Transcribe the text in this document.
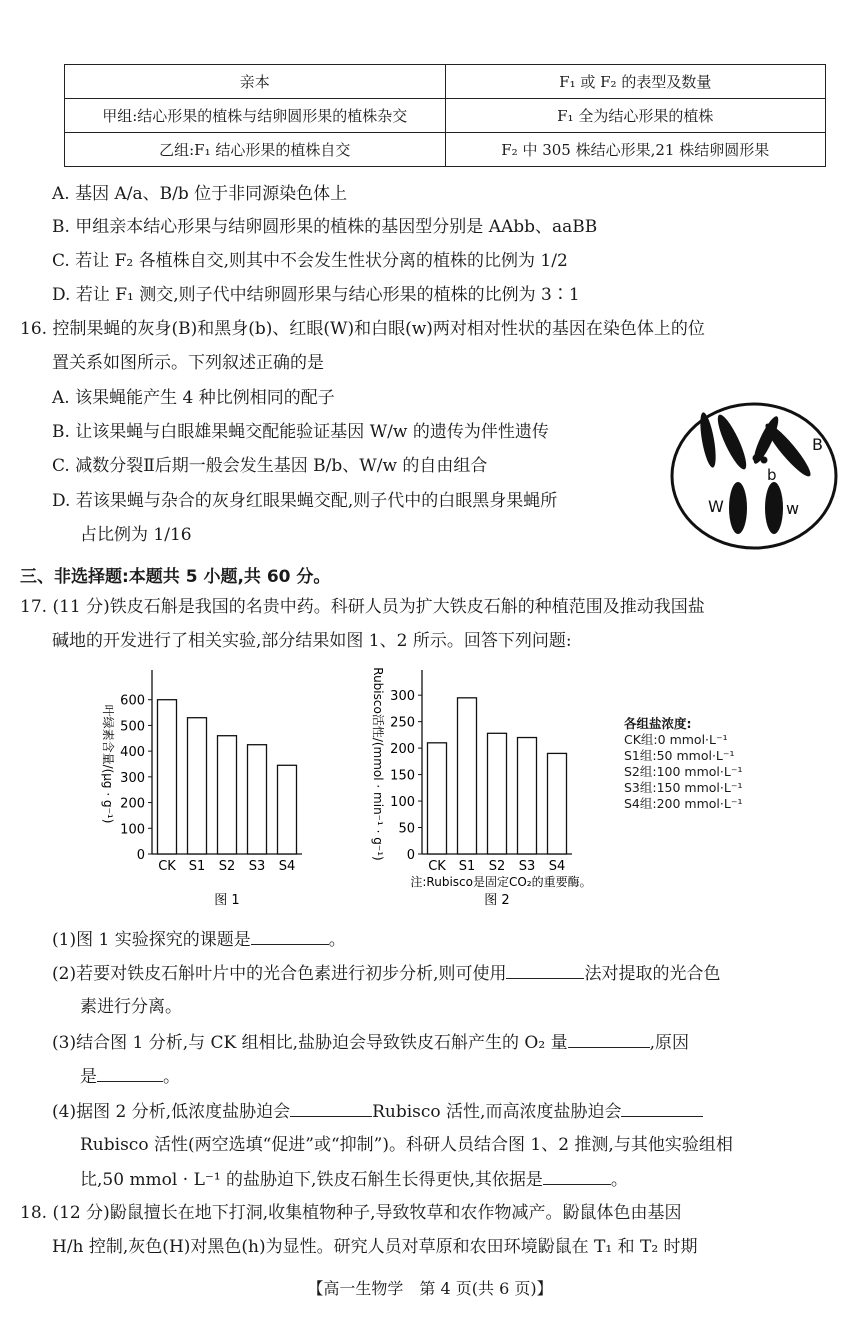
亲本	F₁ 或 F₂ 的表型及数量
甲组:结心形果的植株与结卵圆形果的植株杂交	F₁ 全为结心形果的植株
乙组:F₁ 结心形果的植株自交	F₂ 中 305 株结心形果,21 株结卵圆形果
A. 基因 A/a、B/b 位于非同源染色体上
B. 甲组亲本结心形果与结卵圆形果的植株的基因型分别是 AAbb、aaBB
C. 若让 F₂ 各植株自交,则其中不会发生性状分离的植株的比例为 1/2
D. 若让 F₁ 测交,则子代中结卵圆形果与结心形果的植株的比例为 3∶1
16. 控制果蝇的灰身(B)和黑身(b)、红眼(W)和白眼(w)两对相对性状的基因在染色体上的位
置关系如图所示。下列叙述正确的是
A. 该果蝇能产生 4 种比例相同的配子
B. 让该果蝇与白眼雄果蝇交配能验证基因 W/w 的遗传为伴性遗传
C. 减数分裂Ⅱ后期一般会发生基因 B/b、W/w 的自由组合
D. 若该果蝇与杂合的灰身红眼果蝇交配,则子代中的白眼黑身果蝇所
占比例为 1/16
B
b
W	w
三、非选择题:本题共 5 小题,共 60 分。
17. (11 分)铁皮石斛是我国的名贵中药。科研人员为扩大铁皮石斛的种植范围及推动我国盐
碱地的开发进行了相关实验,部分结果如图 1、2 所示。回答下列问题:
叶绿素含量/(μg · g⁻¹)
0
100
200
300
400
500
600
CK S1 S2 S3 S4
图 1
Rubisco活性/(mmol · min⁻¹ · g⁻¹) 0
50
100
150
200
250
300
CK S1 S2 S3 S4
注:Rubisco是固定CO₂的重要酶。
图 2
各组盐浓度:
CK组:0 mmol·L⁻¹
S1组:50 mmol·L⁻¹
S2组:100 mmol·L⁻¹
S3组:150 mmol·L⁻¹
S4组:200 mmol·L⁻¹
(1)图 1 实验探究的课题是	。
(2)若要对铁皮石斛叶片中的光合色素进行初步分析,则可使用	法对提取的光合色
素进行分离。
(3)结合图 1 分析,与 CK 组相比,盐胁迫会导致铁皮石斛产生的 O₂ 量	,原因
是	。
(4)据图 2 分析,低浓度盐胁迫会	Rubisco 活性,而高浓度盐胁迫会
Rubisco 活性(两空选填“促进”或“抑制”)。科研人员结合图 1、2 推测,与其他实验组相
比,50 mmol · L⁻¹ 的盐胁迫下,铁皮石斛生长得更快,其依据是	。
18. (12 分)鼢鼠擅长在地下打洞,收集植物种子,导致牧草和农作物减产。鼢鼠体色由基因
H/h 控制,灰色(H)对黑色(h)为显性。研究人员对草原和农田环境鼢鼠在 T₁ 和 T₂ 时期
【高一生物学　第 4 页(共 6 页)】
